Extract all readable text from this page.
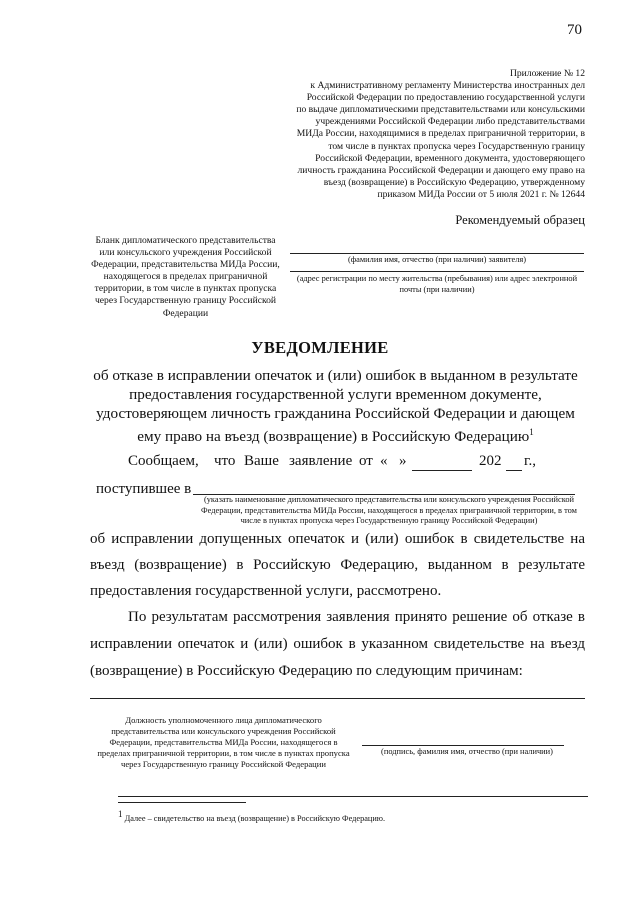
70
Приложение № 12
к Административному регламенту Министерства иностранных дел Российской Федерации по предоставлению государственной услуги по выдаче дипломатическими представительствами или консульскими учреждениями Российской Федерации либо представительствами МИДа России, находящимися в пределах приграничной территории, в том числе в пунктах пропуска через Государственную границу Российской Федерации, временного документа, удостоверяющего личность гражданина Российской Федерации и дающего ему право на въезд (возвращение) в Российскую Федерацию, утвержденному приказом МИДа России от 5 июля 2021 г. № 12644
Рекомендуемый образец
Бланк дипломатического представительства или консульского учреждения Российской Федерации, представительства МИДа России, находящегося в пределах приграничной территории, в том числе в пунктах пропуска через Государственную границу Российской Федерации
(фамилия имя, отчество (при наличии) заявителя)
(адрес регистрации по месту жительства (пребывания) или адрес электронной почты (при наличии)
УВЕДОМЛЕНИЕ
об отказе в исправлении опечаток и (или) ошибок в выданном в результате предоставления государственной услуги временном документе, удостоверяющем личность гражданина Российской Федерации и дающем ему право на въезд (возвращение) в Российскую Федерацию$^1$
Сообщаем, что Ваше заявление от « »	202 г.,
поступившее в
(указать наименование дипломатического представительства или консульского учреждения Российской Федерации, представительства МИДа России, находящегося в пределах приграничной территории, в том числе в пунктах пропуска через Государственную границу Российской Федерации)
об исправлении допущенных опечаток и (или) ошибок в свидетельстве на въезд (возвращение) в Российскую Федерацию, выданном в результате предоставления государственной услуги, рассмотрено.
По результатам рассмотрения заявления принято решение об отказе в исправлении опечаток и (или) ошибок в указанном свидетельстве на въезд (возвращение) в Российскую Федерацию по следующим причинам:
Должность уполномоченного лица дипломатического представительства или консульского учреждения Российской Федерации, представительства МИДа России, находящегося в пределах приграничной территории, в том числе в пунктах пропуска через Государственную границу Российской Федерации
(подпись, фамилия имя, отчество (при наличии)
$^1$ Далее – свидетельство на въезд (возвращение) в Российскую Федерацию.
